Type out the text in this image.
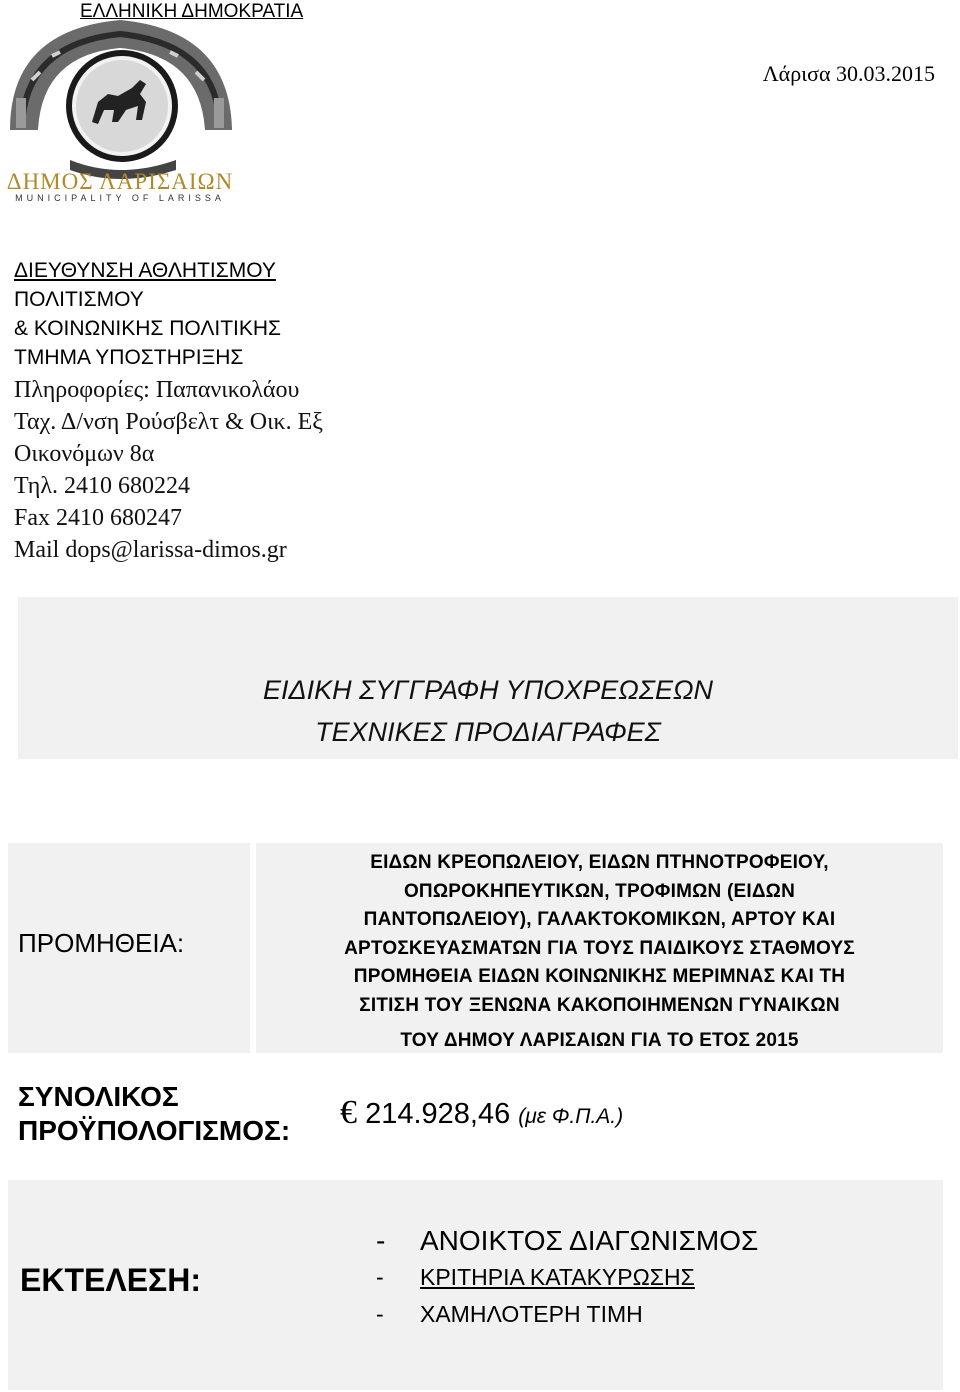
ΕΛΛΗΝΙΚΗ ΔΗΜΟΚΡΑΤΙΑ
Λάρισα 30.03.2015
ΔΗΜΟΣ ΛΑΡΙΣΑΙΩΝ
MUNICIPALITY OF LARISSA
ΔΙΕΥΘΥΝΣΗ ΑΘΛΗΤΙΣΜΟΥ
ΠΟΛΙΤΙΣΜΟΥ
& ΚΟΙΝΩΝΙΚΗΣ ΠΟΛΙΤΙΚΗΣ
ΤΜΗΜΑ ΥΠΟΣΤΗΡΙΞΗΣ
Πληροφορίες: Παπανικολάου
Ταχ. Δ/νση Ρούσβελτ & Οικ. Εξ
Οικονόμων 8α
Τηλ. 2410 680224
Fax 2410 680247
Mail dops@larissa-dimos.gr
ΕΙΔΙΚΗ ΣΥΓΓΡΑΦΗ ΥΠΟΧΡΕΩΣΕΩΝ
ΤΕΧΝΙΚΕΣ ΠΡΟΔΙΑΓΡΑΦΕΣ
ΠΡΟΜΗΘΕΙΑ:
ΕΙΔΩΝ ΚΡΕΟΠΩΛΕΙΟΥ, ΕΙΔΩΝ ΠΤΗΝΟΤΡΟΦΕΙΟΥ,
ΟΠΩΡΟΚΗΠΕΥΤΙΚΩΝ, ΤΡΟΦΙΜΩΝ (ΕΙΔΩΝ
ΠΑΝΤΟΠΩΛΕΙΟΥ), ΓΑΛΑΚΤΟΚΟΜΙΚΩΝ, ΑΡΤΟΥ ΚΑΙ
ΑΡΤΟΣΚΕΥΑΣΜΑΤΩΝ ΓΙΑ ΤΟΥΣ ΠΑΙΔΙΚΟΥΣ ΣΤΑΘΜΟΥΣ
ΠΡΟΜΗΘΕΙΑ ΕΙΔΩΝ ΚΟΙΝΩΝΙΚΗΣ ΜΕΡΙΜΝΑΣ ΚΑΙ ΤΗ
ΣΙΤΙΣΗ ΤΟΥ ΞΕΝΩΝΑ ΚΑΚΟΠΟΙΗΜΕΝΩΝ ΓΥΝΑΙΚΩΝ
ΤΟΥ ΔΗΜΟΥ ΛΑΡΙΣΑΙΩΝ ΓΙΑ ΤΟ ΕΤΟΣ 2015
ΣΥΝΟΛΙΚΟΣ
ΠΡΟΫΠΟΛΟΓΙΣΜΟΣ: € 214.928,46 (με Φ.Π.Α.)
ΕΚΤΕΛΕΣΗ:
- ΑΝΟΙΚΤΟΣ ΔΙΑΓΩΝΙΣΜΟΣ
- ΚΡΙΤΗΡΙΑ ΚΑΤΑΚΥΡΩΣΗΣ
- ΧΑΜΗΛΟΤΕΡΗ ΤΙΜΗ
